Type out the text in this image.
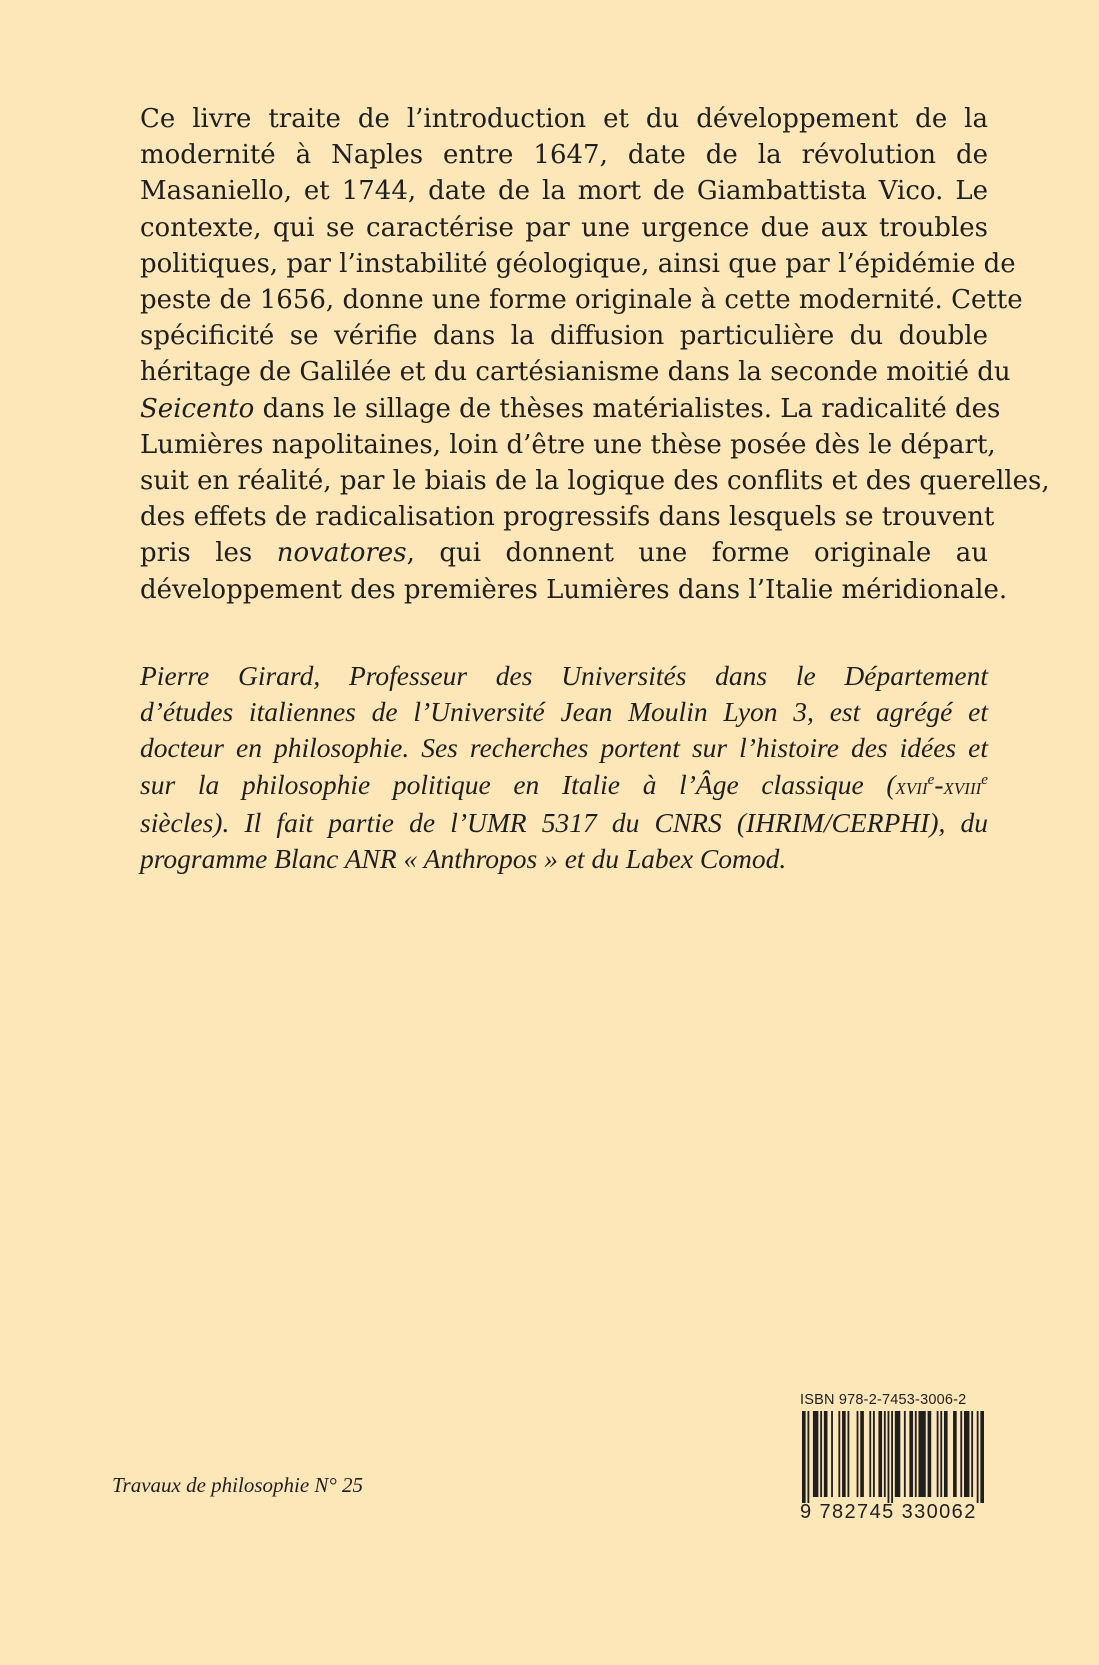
Ce livre traite de l’introduction et du développement de la
modernité à Naples entre 1647, date de la révolution de
Masaniello, et 1744, date de la mort de Giambattista Vico. Le
contexte, qui se caractérise par une urgence due aux troubles
politiques, par l’instabilité géologique, ainsi que par l’épidémie de
peste de 1656, donne une forme originale à cette modernité. Cette
spécificité se vérifie dans la diffusion particulière du double
héritage de Galilée et du cartésianisme dans la seconde moitié du
Seicento dans le sillage de thèses matérialistes. La radicalité des
Lumières napolitaines, loin d’être une thèse posée dès le départ,
suit en réalité, par le biais de la logique des conflits et des querelles,
des effets de radicalisation progressifs dans lesquels se trouvent
pris les novatores, qui donnent une forme originale au
développement des premières Lumières dans l’Italie méridionale.
Pierre Girard, Professeur des Universités dans le Département
d’études italiennes de l’Université Jean Moulin Lyon 3, est agrégé et
docteur en philosophie. Ses recherches portent sur l’histoire des idées et
sur la philosophie politique en Italie à l’Âge classique (xvii$^e$-xviii$^e$
siècles). Il fait partie de l’UMR 5317 du CNRS (IHRIM/CERPHI), du
programme Blanc ANR « Anthropos » et du Labex Comod.

Travaux de philosophie N° 25

ISBN 978-2-7453-3006-2

9 782745 330062
